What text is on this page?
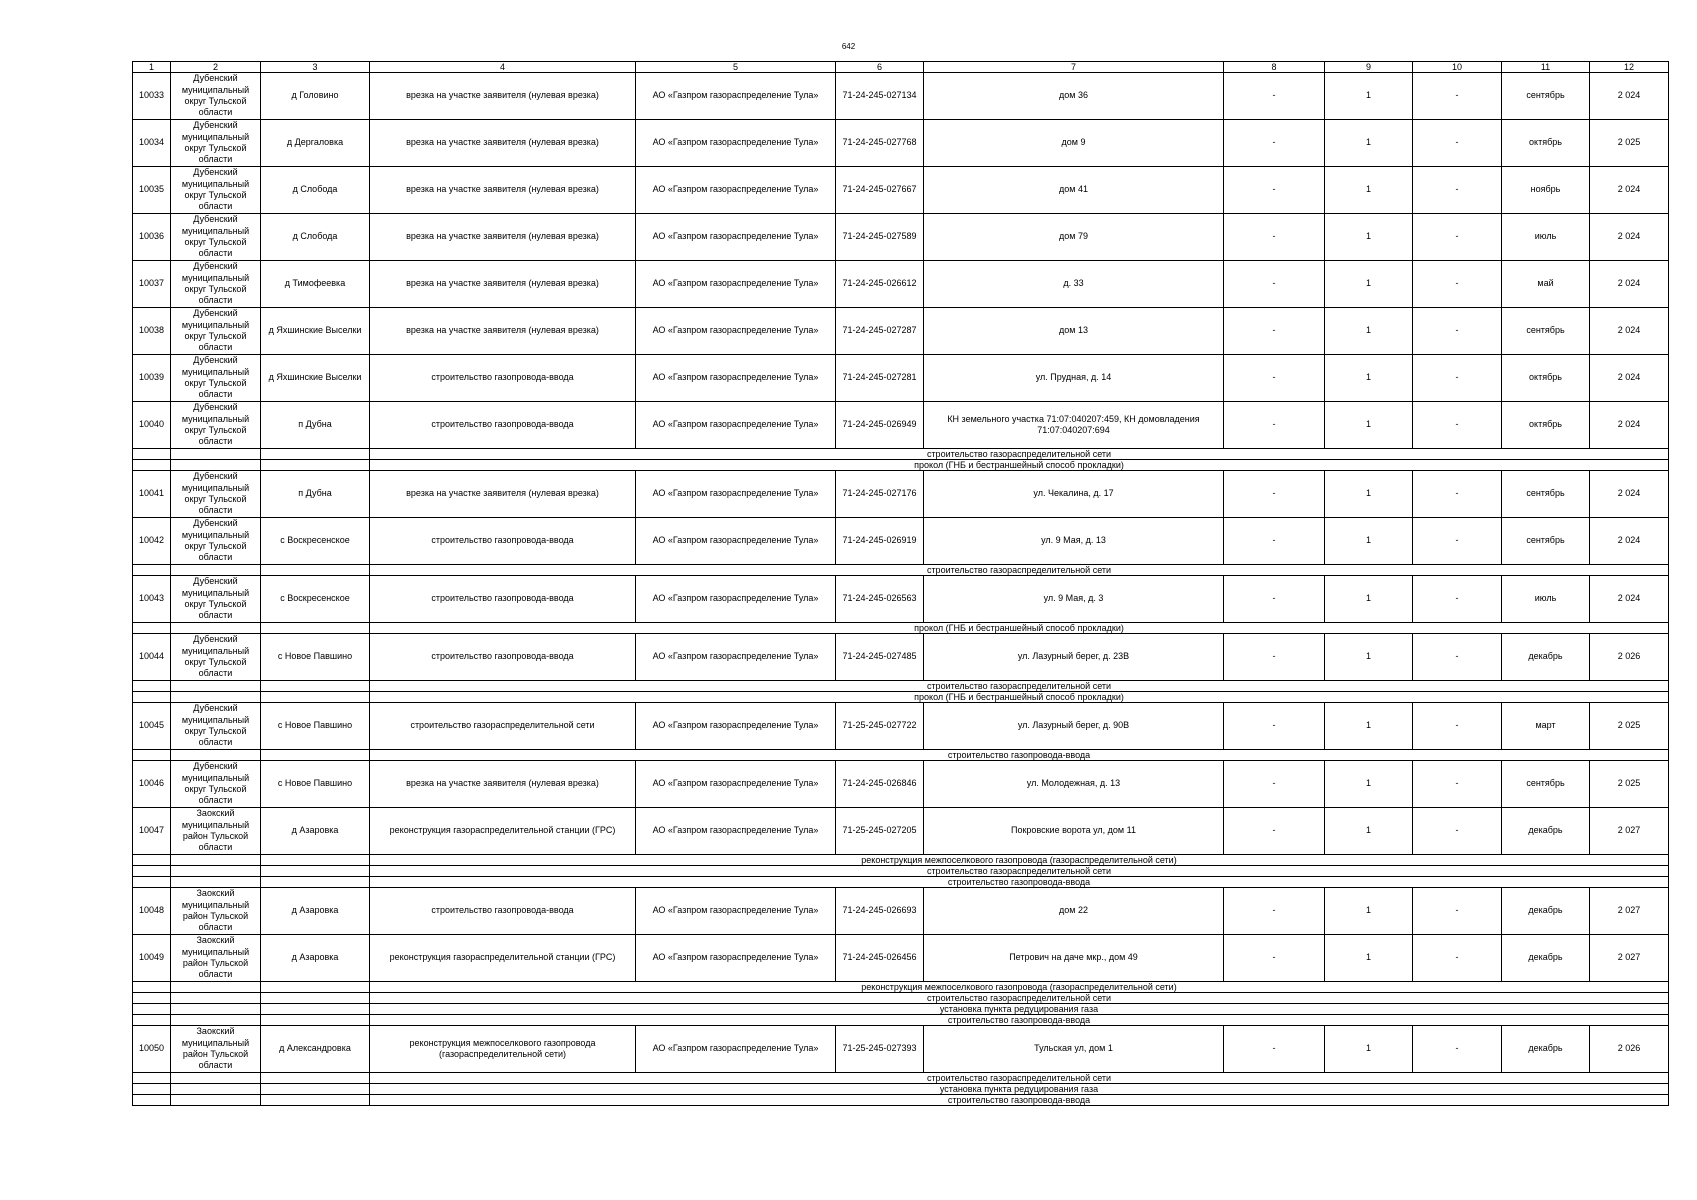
642
1	2	3	4	5	6	7	8	9	10	11	12
10033	Дубенский муниципальный округ Тульской области	д Головино	врезка на участке заявителя (нулевая врезка)	АО «Газпром газораспределение Тула»	71-24-245-027134	дом 36	-	1	-	сентябрь	2 024
10034	Дубенский муниципальный округ Тульской области	д Дергаловка	врезка на участке заявителя (нулевая врезка)	АО «Газпром газораспределение Тула»	71-24-245-027768	дом 9	-	1	-	октябрь	2 025
10035	Дубенский муниципальный округ Тульской области	д Слобода	врезка на участке заявителя (нулевая врезка)	АО «Газпром газораспределение Тула»	71-24-245-027667	дом 41	-	1	-	ноябрь	2 024
10036	Дубенский муниципальный округ Тульской области	д Слобода	врезка на участке заявителя (нулевая врезка)	АО «Газпром газораспределение Тула»	71-24-245-027589	дом 79	-	1	-	июль	2 024
10037	Дубенский муниципальный округ Тульской области	д Тимофеевка	врезка на участке заявителя (нулевая врезка)	АО «Газпром газораспределение Тула»	71-24-245-026612	д. 33	-	1	-	май	2 024
10038	Дубенский муниципальный округ Тульской области	д Яхшинские Выселки	врезка на участке заявителя (нулевая врезка)	АО «Газпром газораспределение Тула»	71-24-245-027287	дом 13	-	1	-	сентябрь	2 024
10039	Дубенский муниципальный округ Тульской области	д Яхшинские Выселки	строительство газопровода-ввода	АО «Газпром газораспределение Тула»	71-24-245-027281	ул. Прудная, д. 14	-	1	-	октябрь	2 024
10040	Дубенский муниципальный округ Тульской области	п Дубна	строительство газопровода-ввода	АО «Газпром газораспределение Тула»	71-24-245-026949	КН земельного участка 71:07:040207:459, КН домовладения 71:07:040207:694	-	1	-	октябрь	2 024
			строительство газораспределительной сети								
			прокол (ГНБ и бестраншейный способ прокладки)								
10041	Дубенский муниципальный округ Тульской области	п Дубна	врезка на участке заявителя (нулевая врезка)	АО «Газпром газораспределение Тула»	71-24-245-027176	ул. Чекалина, д. 17	-	1	-	сентябрь	2 024
10042	Дубенский муниципальный округ Тульской области	с Воскресенское	строительство газопровода-ввода	АО «Газпром газораспределение Тула»	71-24-245-026919	ул. 9 Мая, д. 13	-	1	-	сентябрь	2 024
			строительство газораспределительной сети								
10043	Дубенский муниципальный округ Тульской области	с Воскресенское	строительство газопровода-ввода	АО «Газпром газораспределение Тула»	71-24-245-026563	ул. 9 Мая, д. 3	-	1	-	июль	2 024
			прокол (ГНБ и бестраншейный способ прокладки)								
10044	Дубенский муниципальный округ Тульской области	с Новое Павшино	строительство газопровода-ввода	АО «Газпром газораспределение Тула»	71-24-245-027485	ул. Лазурный берег, д. 23В	-	1	-	декабрь	2 026
			строительство газораспределительной сети								
			прокол (ГНБ и бестраншейный способ прокладки)								
10045	Дубенский муниципальный округ Тульской области	с Новое Павшино	строительство газораспределительной сети	АО «Газпром газораспределение Тула»	71-25-245-027722	ул. Лазурный берег, д. 90В	-	1	-	март	2 025
			строительство газопровода-ввода								
10046	Дубенский муниципальный округ Тульской области	с Новое Павшино	врезка на участке заявителя (нулевая врезка)	АО «Газпром газораспределение Тула»	71-24-245-026846	ул. Молодежная, д. 13	-	1	-	сентябрь	2 025
10047	Заокский муниципальный район Тульской области	д Азаровка	реконструкция газораспределительной станции (ГРС)	АО «Газпром газораспределение Тула»	71-25-245-027205	Покровские ворота ул, дом 11	-	1	-	декабрь	2 027
			реконструкция межпоселкового газопровода (газораспределительной сети)								
			строительство газораспределительной сети								
			строительство газопровода-ввода								
10048	Заокский муниципальный район Тульской области	д Азаровка	строительство газопровода-ввода	АО «Газпром газораспределение Тула»	71-24-245-026693	дом 22	-	1	-	декабрь	2 027
10049	Заокский муниципальный район Тульской области	д Азаровка	реконструкция газораспределительной станции (ГРС)	АО «Газпром газораспределение Тула»	71-24-245-026456	Петрович на даче мкр., дом 49	-	1	-	декабрь	2 027
			реконструкция межпоселкового газопровода (газораспределительной сети)								
			строительство газораспределительной сети								
			установка пункта редуцирования газа								
			строительство газопровода-ввода								
10050	Заокский муниципальный район Тульской области	д Александровка	реконструкция межпоселкового газопровода (газораспределительной сети)	АО «Газпром газораспределение Тула»	71-25-245-027393	Тульская ул, дом 1	-	1	-	декабрь	2 026
			строительство газораспределительной сети								
			установка пункта редуцирования газа								
			строительство газопровода-ввода								
